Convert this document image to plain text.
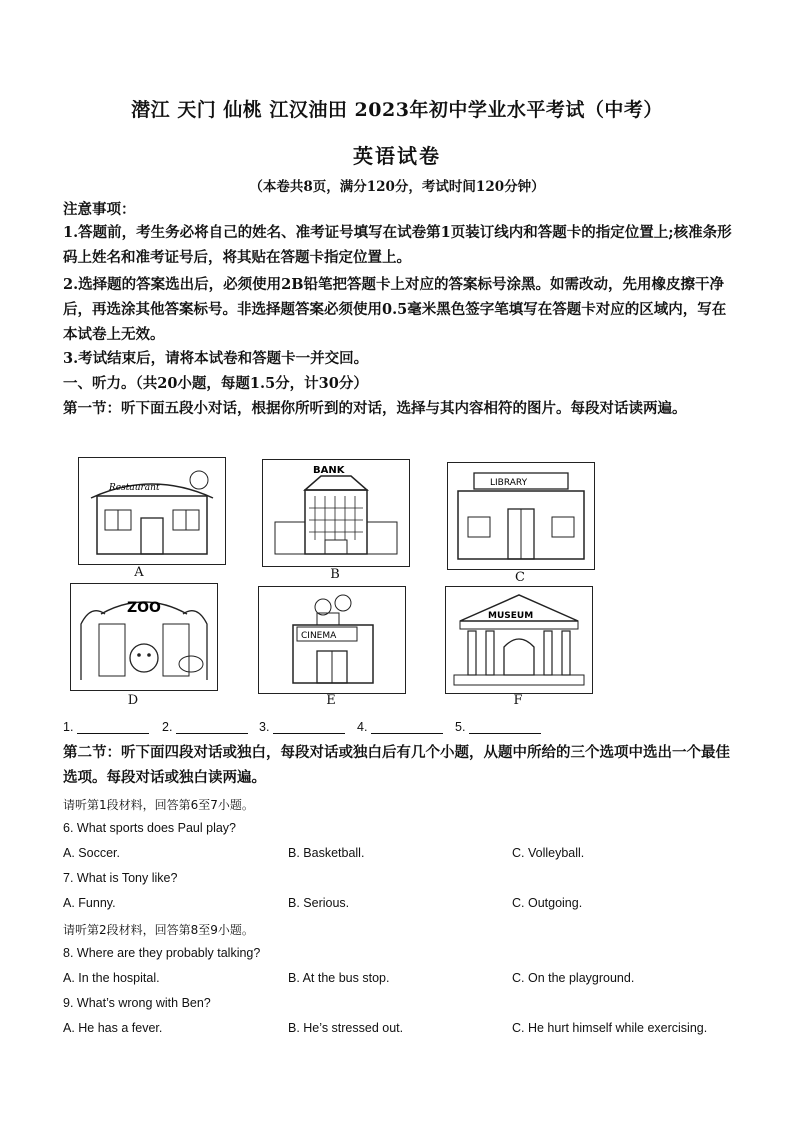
潜江 天门 仙桃 江汉油田 2023年初中学业水平考试（中考）
英语试卷
（本卷共8页，满分120分，考试时间120分钟）
注意事项：
1.答题前，考生务必将自己的姓名、准考证号填写在试卷第1页装订线内和答题卡的指定位置上;核准条形码上姓名和准考证号后，将其贴在答题卡指定位置上。
2.选择题的答案选出后，必须使用2B铅笔把答题卡上对应的答案标号涂黑。如需改动，先用橡皮擦干净后，再选涂其他答案标号。非选择题答案必须使用0.5毫米黑色签字笔填写在答题卡对应的区域内，写在本试卷上无效。
3.考试结束后，请将本试卷和答题卡一并交回。
一、听力。（共20小题，每题1.5分，计30分）
第一节：听下面五段小对话，根据你所听到的对话，选择与其内容相符的图片。每段对话读两遍。
Restaurant
A
BANK
B
LIBRARY
C
ZOO
D
CINEMA
E
MUSEUM
F
1.	2.	3.	4.	5.
第二节：听下面四段对话或独白，每段对话或独白后有几个小题，从题中所给的三个选项中选出一个最佳选项。每段对话或独白读两遍。
请听第1段材料，回答第6至7小题。
6. What sports does Paul play?
A. Soccer.	B. Basketball.	C. Volleyball.
7. What is Tony like?
A. Funny.	B. Serious.	C. Outgoing.
请听第2段材料，回答第8至9小题。
8. Where are they probably talking?
A. In the hospital.	B. At the bus stop.	C. On the playground.
9. What’s wrong with Ben?
A. He has a fever.	B. He’s stressed out.	C. He hurt himself while exercising.
